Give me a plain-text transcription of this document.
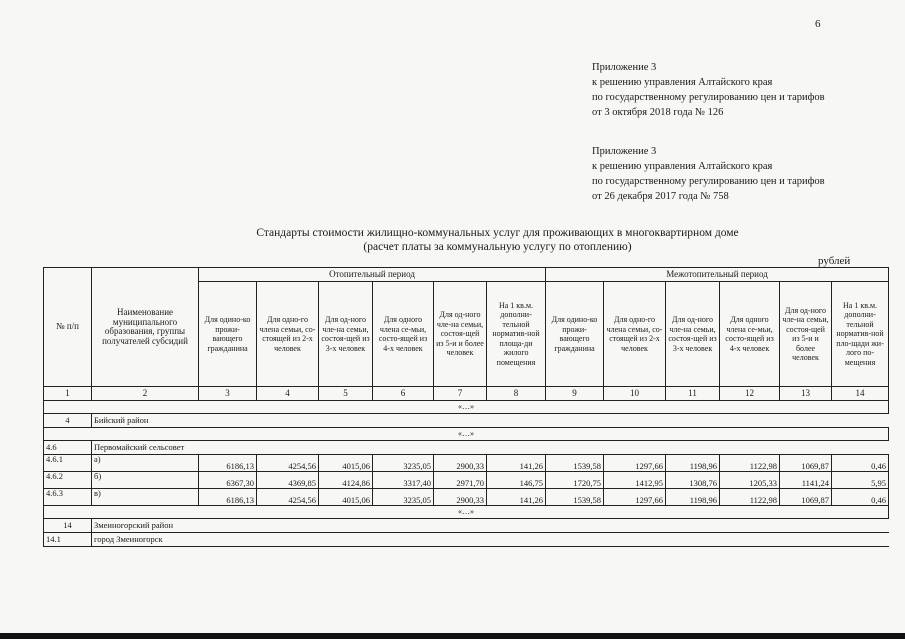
6
Приложение 3
к решению управления Алтайского края
по государственному регулированию цен и тарифов
от 3 октября 2018 года № 126
Приложение 3
к решению управления Алтайского края
по государственному регулированию цен и тарифов
от 26 декабря 2017 года № 758
Стандарты стоимости жилищно-коммунальных услуг для проживающих в многоквартирном доме
(расчет платы за коммунальную услугу по отоплению)
рублей
№ п/п	Наименование муниципального образования, группы получателей субсидий	Отопительный период						Межотопительный период					
		Для одино-ко прожи-вающего гражданина	Для одно-го члена семьи, со-стоящей из 2-х человек	Для од-ного чле-на семьи, состоя-щей из 3-х человек	Для одного члена се-мьи, состо-ящей из 4-х человек	Для од-ного чле-на семьи, состоя-щей из 5-и и более человек	На 1 кв.м. дополни-тельной норматив-ной площа-ди жилого помещения	Для одино-ко прожи-вающего гражданина	Для одно-го члена семьи, со-стоящей из 2-х человек	Для од-ного чле-на семьи, состоя-щей из 3-х человек	Для одного члена се-мьи, состо-ящей из 4-х человек	Для од-ного чле-на семьи, состоя-щей из 5-и и более человек	На 1 кв.м. дополни-тельной норматив-ной пло-щади жи-лого по-мещения
1	2	3	4	5	6	7	8	9	10	11	12	13	14
«…»													
4	Бийский район												
«…»													
4.6	Первомайский сельсовет												
4.6.1	а)	6186,13	4254,56	4015,06	3235,05	2900,33	141,26	1539,58	1297,66	1198,96	1122,98	1069,87	0,46
4.6.2	б)	6367,30	4369,85	4124,86	3317,40	2971,70	146,75	1720,75	1412,95	1308,76	1205,33	1141,24	5,95
4.6.3	в)	6186,13	4254,56	4015,06	3235,05	2900,33	141,26	1539,58	1297,66	1198,96	1122,98	1069,87	0,46
«…»													
14	Змеиногорский район												
14.1	город Змеиногорск												
